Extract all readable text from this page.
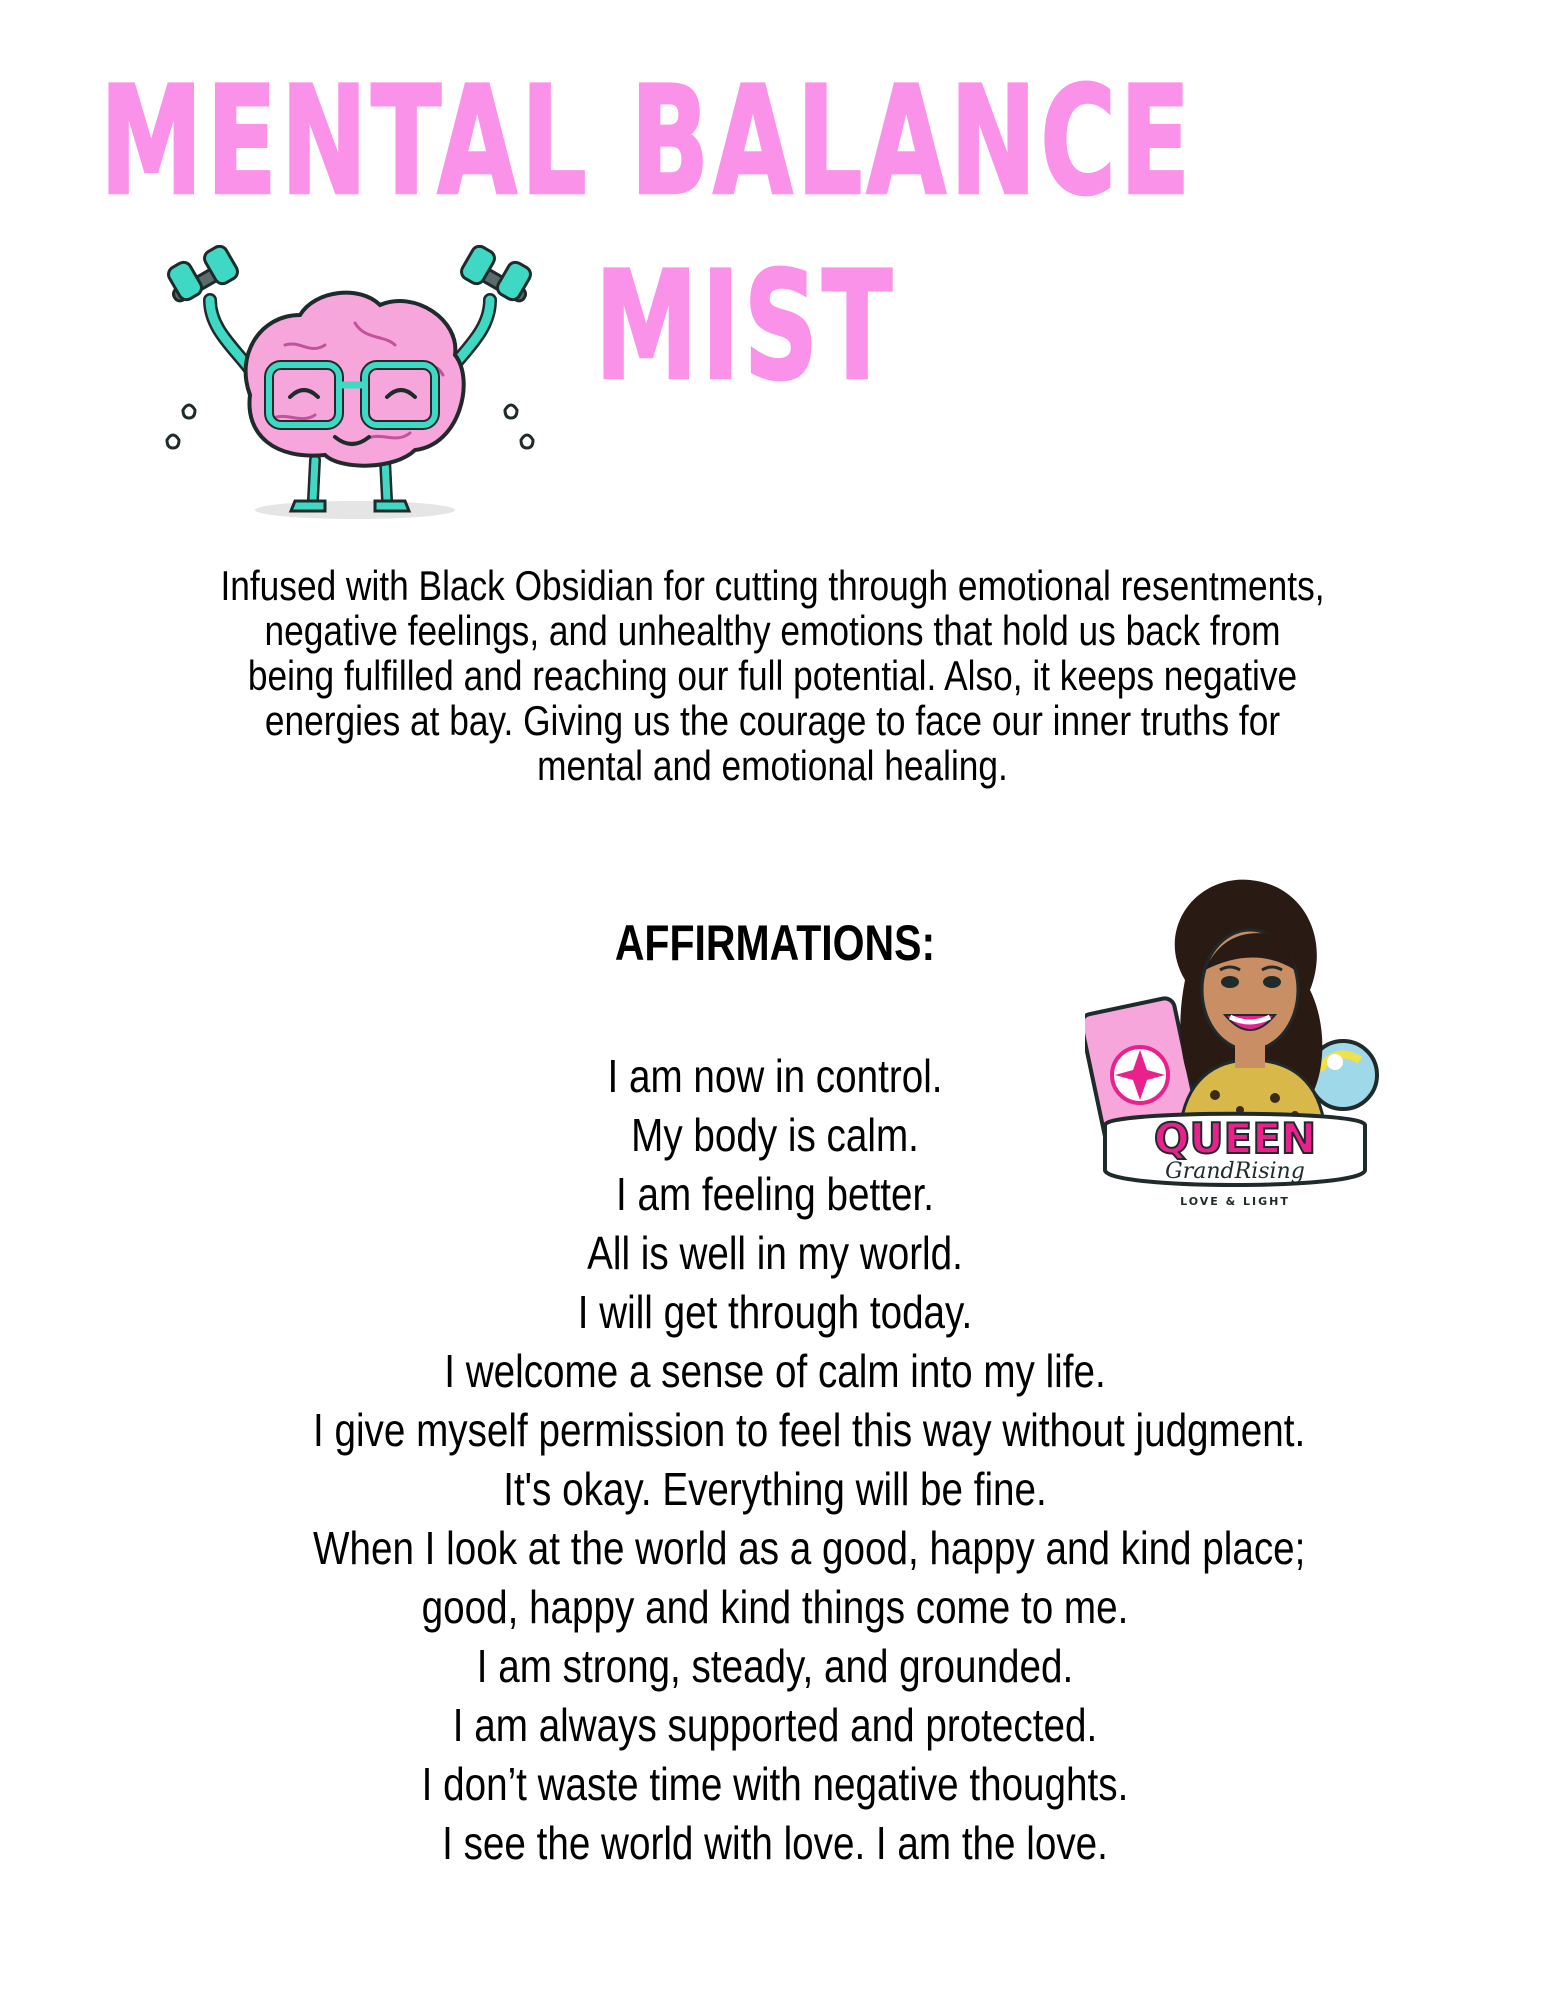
MENTAL BALANCE
MIST

Infused with Black Obsidian for cutting through emotional resentments, negative feelings, and unhealthy emotions that hold us back from being fulfilled and reaching our full potential. Also, it keeps negative energies at bay. Giving us the courage to face our inner truths for mental and emotional healing.

AFFIRMATIONS:
I am now in control.
My body is calm.
I am feeling better.
All is well in my world.
I will get through today.
I welcome a sense of calm into my life.
I give myself permission to feel this way without judgment.
It's okay. Everything will be fine.
When I look at the world as a good, happy and kind place;
good, happy and kind things come to me.
I am strong, steady, and grounded.
I am always supported and protected.
I don’t waste time with negative thoughts.
I see the world with love. I am the love.
QUEEN
GrandRising
LOVE & LIGHT
